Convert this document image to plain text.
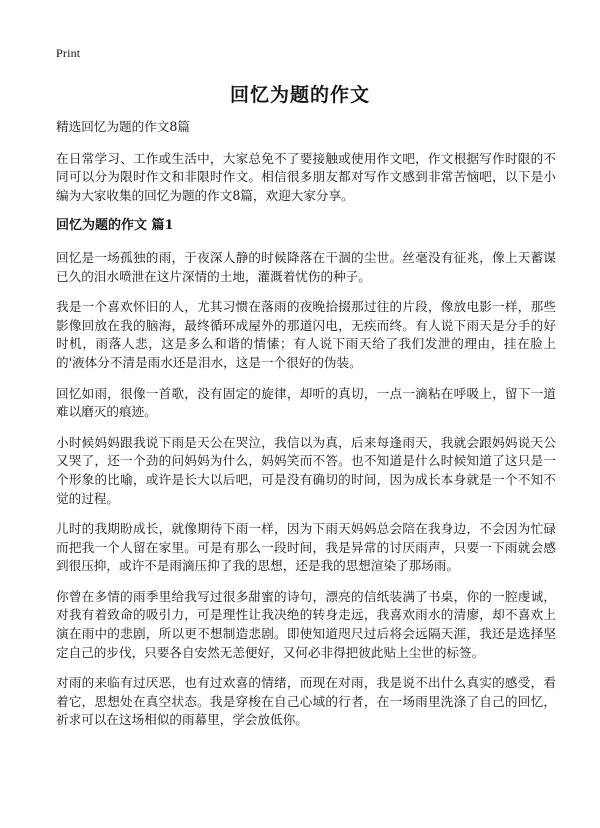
Print
回忆为题的作文

精选回忆为题的作文8篇

在日常学习、工作或生活中，大家总免不了要接触或使用作文吧，作文根据写作时限的不同可以分为限时作文和非限时作文。相信很多朋友都对写作文感到非常苦恼吧，以下是小编为大家收集的回忆为题的作文8篇，欢迎大家分享。

回忆为题的作文 篇1

回忆是一场孤独的雨，于夜深人静的时候降落在干涸的尘世。丝毫没有征兆，像上天蓄谋已久的泪水喷泄在这片深情的土地，灌溉着忧伤的种子。

我是一个喜欢怀旧的人，尤其习惯在落雨的夜晚拾掇那过往的片段，像放电影一样，那些影像回放在我的脑海，最终循环成屋外的那道闪电，无疾而终。有人说下雨天是分手的好时机，雨落人悲，这是多么和谐的情愫；有人说下雨天给了我们发泄的理由，挂在脸上的'液体分不清是雨水还是泪水，这是一个很好的伪装。

回忆如雨，很像一首歌，没有固定的旋律，却听的真切，一点一滴粘在呼吸上，留下一道难以磨灭的痕迹。

小时候妈妈跟我说下雨是天公在哭泣，我信以为真，后来每逢雨天，我就会跟妈妈说天公又哭了，还一个劲的问妈妈为什么，妈妈笑而不答。也不知道是什么时候知道了这只是一个形象的比喻，或许是长大以后吧，可是没有确切的时间，因为成长本身就是一个不知不觉的过程。

儿时的我期盼成长，就像期待下雨一样，因为下雨天妈妈总会陪在我身边，不会因为忙碌而把我一个人留在家里。可是有那么一段时间，我是异常的讨厌雨声，只要一下雨就会感到很压抑，或许不是雨滴压抑了我的思想，还是我的思想渲染了那场雨。

你曾在多情的雨季里给我写过很多甜蜜的诗句，漂亮的信纸装满了书桌，你的一腔虔诚，对我有着致命的吸引力，可是理性让我决绝的转身走远，我喜欢雨水的清廖，却不喜欢上演在雨中的悲剧，所以更不想制造悲剧。即使知道咫尺过后将会远隔天涯，我还是选择坚定自己的步伐，只要各自安然无恙便好，又何必非得把彼此贴上尘世的标签。

对雨的来临有过厌恶，也有过欢喜的情绪，而现在对雨，我是说不出什么真实的感受，看着它，思想处在真空状态。我是穿梭在自己心域的行者，在一场雨里洗涤了自己的回忆，祈求可以在这场相似的雨幕里，学会放低你。
